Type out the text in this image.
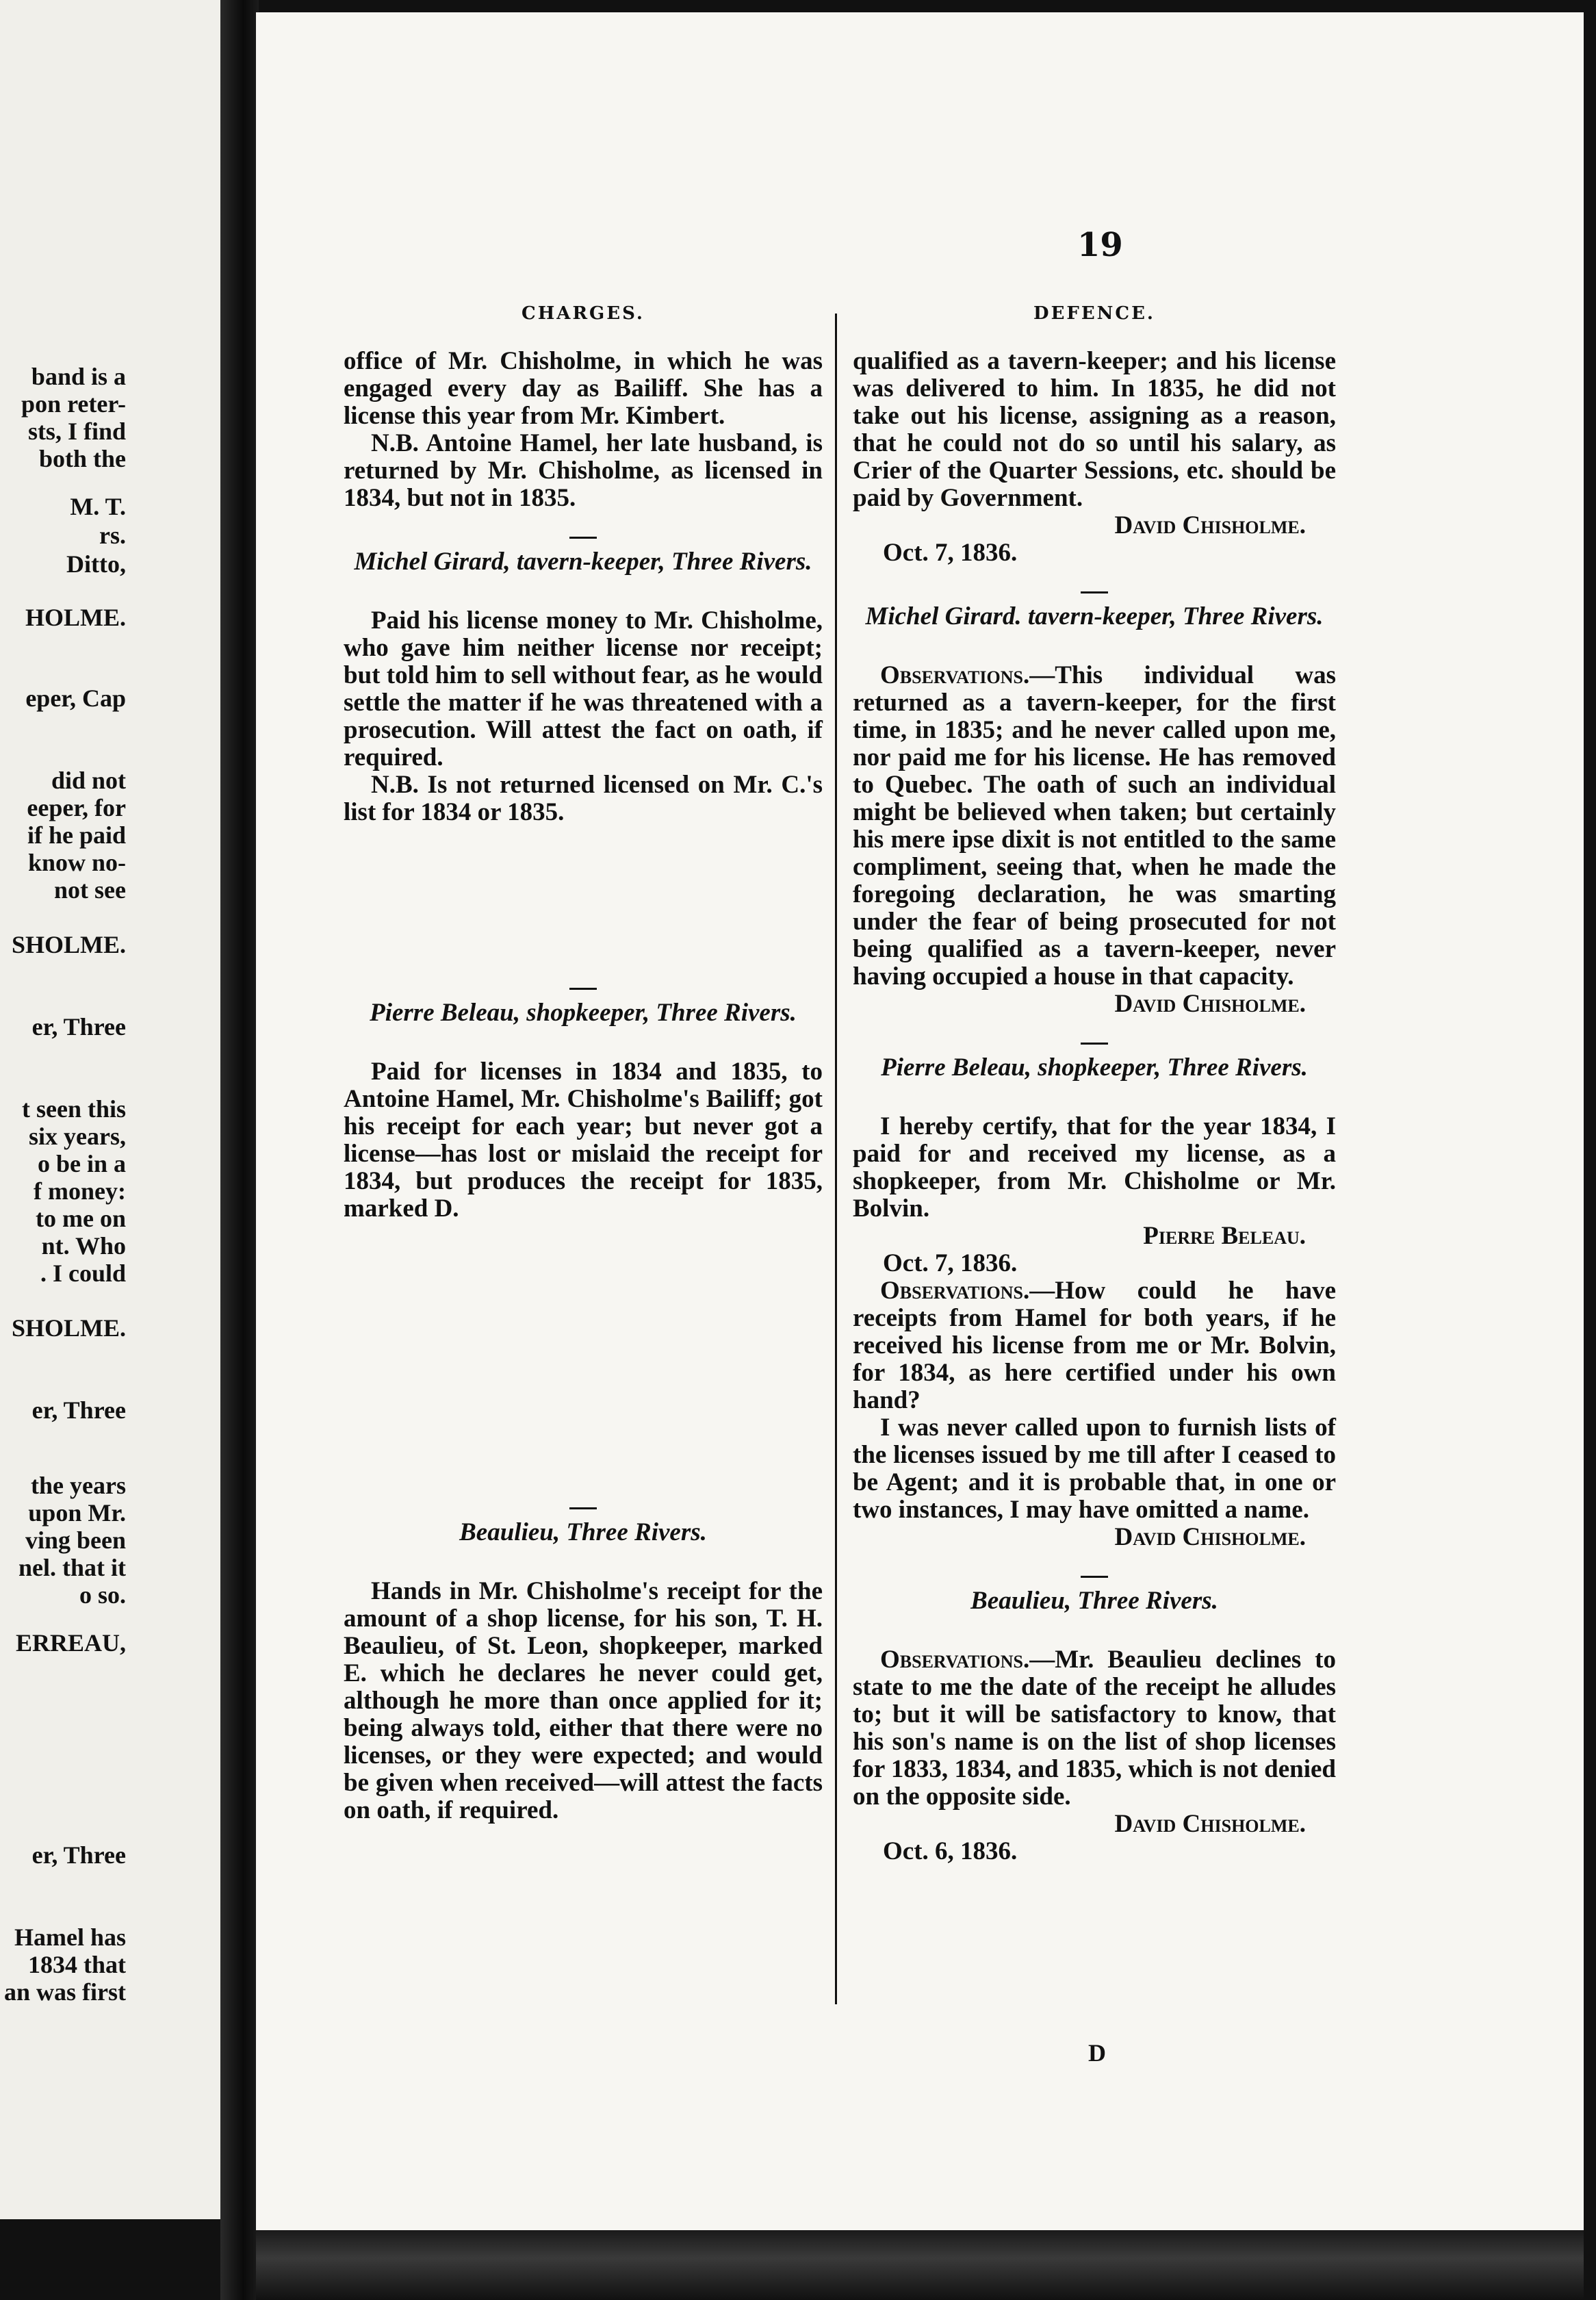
band is a
pon reter-
sts, I find
both the
M. T.
rs.
Ditto,
HOLME.
eper, Cap
did not
eeper, for
if he paid
know no-
not see
SHOLME.
er, Three
t seen this
six years,
o be in a
f money:
to me on
nt. Who
. I could
SHOLME.
er, Three
the years
upon Mr.
ving been
nel. that it
o so.
ERREAU,
er, Three
Hamel has
1834 that
an was first
19
CHARGES.

office of Mr. Chisholme, in which he was engaged every day as Bailiff. She has a license this year from Mr. Kimbert.

N.B. Antoine Hamel, her late husband, is returned by Mr. Chisholme, as licensed in 1834, but not in 1835.

Michel Girard, tavern-keeper, Three Rivers.

Paid his license money to Mr. Chisholme, who gave him neither license nor receipt; but told him to sell without fear, as he would settle the matter if he was threatened with a prosecution. Will attest the fact on oath, if required.

N.B. Is not returned licensed on Mr. C.'s list for 1834 or 1835.

Pierre Beleau, shopkeeper, Three Rivers.

Paid for licenses in 1834 and 1835, to Antoine Hamel, Mr. Chisholme's Bailiff; got his receipt for each year; but never got a license—has lost or mislaid the receipt for 1834, but produces the receipt for 1835, marked D.

Beaulieu, Three Rivers.

Hands in Mr. Chisholme's receipt for the amount of a shop license, for his son, T. H. Beaulieu, of St. Leon, shopkeeper, marked E. which he declares he never could get, although he more than once applied for it; being always told, either that there were no licenses, or they were expected; and would be given when received—will attest the facts on oath, if required.

DEFENCE.

qualified as a tavern-keeper; and his license was delivered to him. In 1835, he did not take out his license, assigning as a reason, that he could not do so until his salary, as Crier of the Quarter Sessions, etc. should be paid by Government.

David Chisholme.

Oct. 7, 1836.

Michel Girard. tavern-keeper, Three Rivers.

Observations.—This individual was returned as a tavern-keeper, for the first time, in 1835; and he never called upon me, nor paid me for his license. He has removed to Quebec. The oath of such an individual might be believed when taken; but certainly his mere ipse dixit is not entitled to the same compliment, seeing that, when he made the foregoing declaration, he was smarting under the fear of being prosecuted for not being qualified as a tavern-keeper, never having occupied a house in that capacity.

David Chisholme.

Pierre Beleau, shopkeeper, Three Rivers.

I hereby certify, that for the year 1834, I paid for and received my license, as a shopkeeper, from Mr. Chisholme or Mr. Bolvin.

Pierre Beleau.

Oct. 7, 1836.

Observations.—How could he have receipts from Hamel for both years, if he received his license from me or Mr. Bolvin, for 1834, as here certified under his own hand?

I was never called upon to furnish lists of the licenses issued by me till after I ceased to be Agent; and it is probable that, in one or two instances, I may have omitted a name.

David Chisholme.

Beaulieu, Three Rivers.

Observations.—Mr. Beaulieu declines to state to me the date of the receipt he alludes to; but it will be satisfactory to know, that his son's name is on the list of shop licenses for 1833, 1834, and 1835, which is not denied on the opposite side.

David Chisholme.

Oct. 6, 1836.

D
